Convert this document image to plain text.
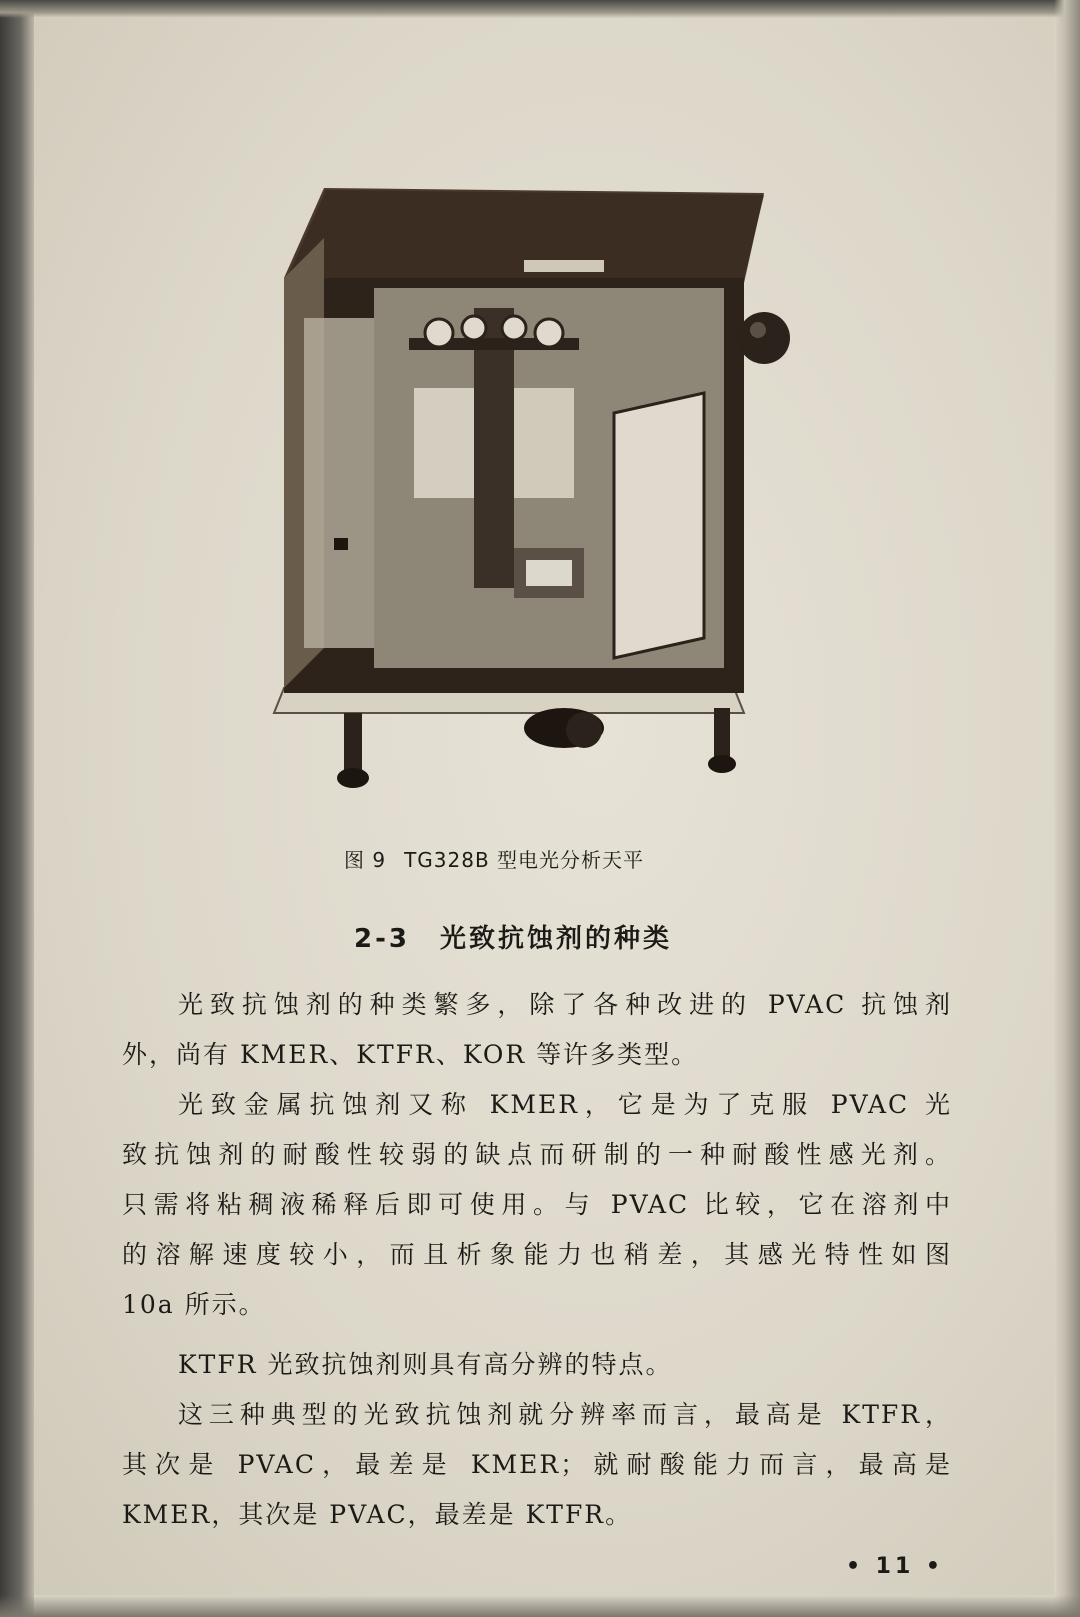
图 9 TG328B 型电光分析天平
2-3 光致抗蚀剂的种类
光致抗蚀剂的种类繁多，除了各种改进的 PVAC 抗蚀剂
外，尚有 KMER、KTFR、KOR 等许多类型。
光致金属抗蚀剂又称 KMER，它是为了克服 PVAC 光
致抗蚀剂的耐酸性较弱的缺点而研制的一种耐酸性感光剂。
只需将粘稠液稀释后即可使用。与 PVAC 比较，它在溶剂中
的溶解速度较小，而且析象能力也稍差，其感光特性如图
10a 所示。
KTFR 光致抗蚀剂则具有高分辨的特点。
这三种典型的光致抗蚀剂就分辨率而言，最高是 KTFR，
其次是 PVAC，最差是 KMER；就耐酸能力而言，最高是
KMER，其次是 PVAC，最差是 KTFR。
• 11 •
